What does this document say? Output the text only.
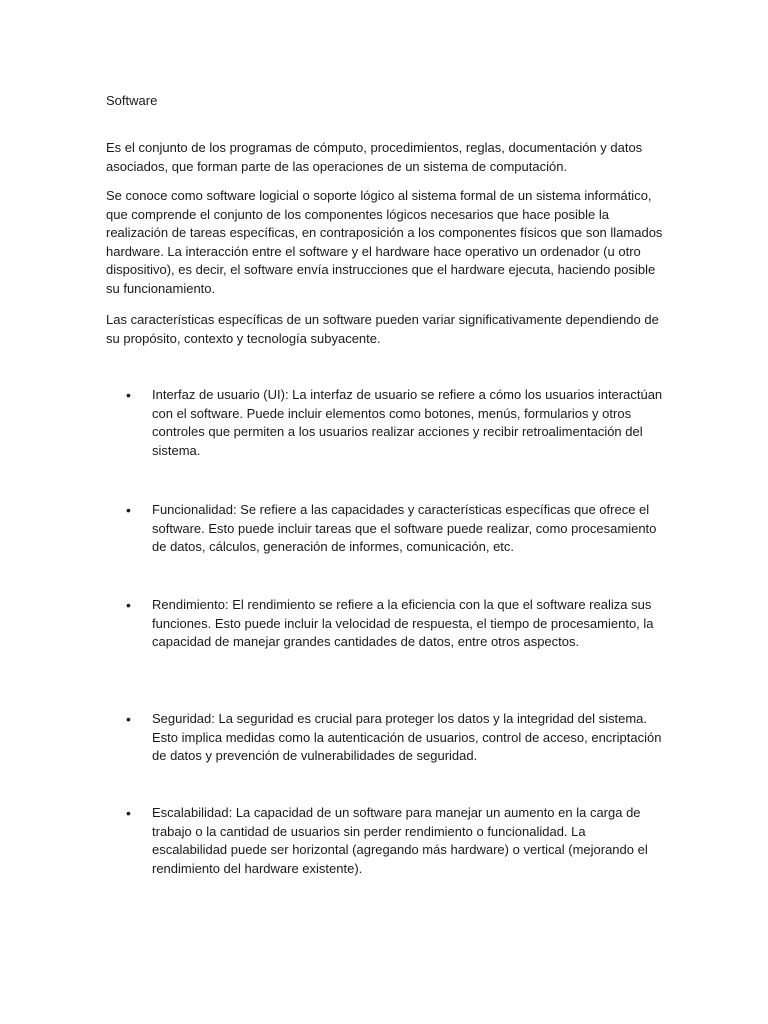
Software

Es el conjunto de los programas de cómputo, procedimientos, reglas, documentación y datos asociados, que forman parte de las operaciones de un sistema de computación.

Se conoce como software logicial o soporte lógico al sistema formal de un sistema informático, que comprende el conjunto de los componentes lógicos necesarios que hace posible la realización de tareas específicas, en contraposición a los componentes físicos que son llamados hardware. La interacción entre el software y el hardware hace operativo un ordenador (u otro dispositivo), es decir, el software envía instrucciones que el hardware ejecuta, haciendo posible su funcionamiento.

Las características específicas de un software pueden variar significativamente dependiendo de su propósito, contexto y tecnología subyacente.

•	Interfaz de usuario (UI): La interfaz de usuario se refiere a cómo los usuarios interactúan con el software. Puede incluir elementos como botones, menús, formularios y otros controles que permiten a los usuarios realizar acciones y recibir retroalimentación del sistema.

•	Funcionalidad: Se refiere a las capacidades y características específicas que ofrece el software. Esto puede incluir tareas que el software puede realizar, como procesamiento de datos, cálculos, generación de informes, comunicación, etc.

•	Rendimiento: El rendimiento se refiere a la eficiencia con la que el software realiza sus funciones. Esto puede incluir la velocidad de respuesta, el tiempo de procesamiento, la capacidad de manejar grandes cantidades de datos, entre otros aspectos.

•	Seguridad: La seguridad es crucial para proteger los datos y la integridad del sistema. Esto implica medidas como la autenticación de usuarios, control de acceso, encriptación de datos y prevención de vulnerabilidades de seguridad.

•	Escalabilidad: La capacidad de un software para manejar un aumento en la carga de trabajo o la cantidad de usuarios sin perder rendimiento o funcionalidad. La escalabilidad puede ser horizontal (agregando más hardware) o vertical (mejorando el rendimiento del hardware existente).
